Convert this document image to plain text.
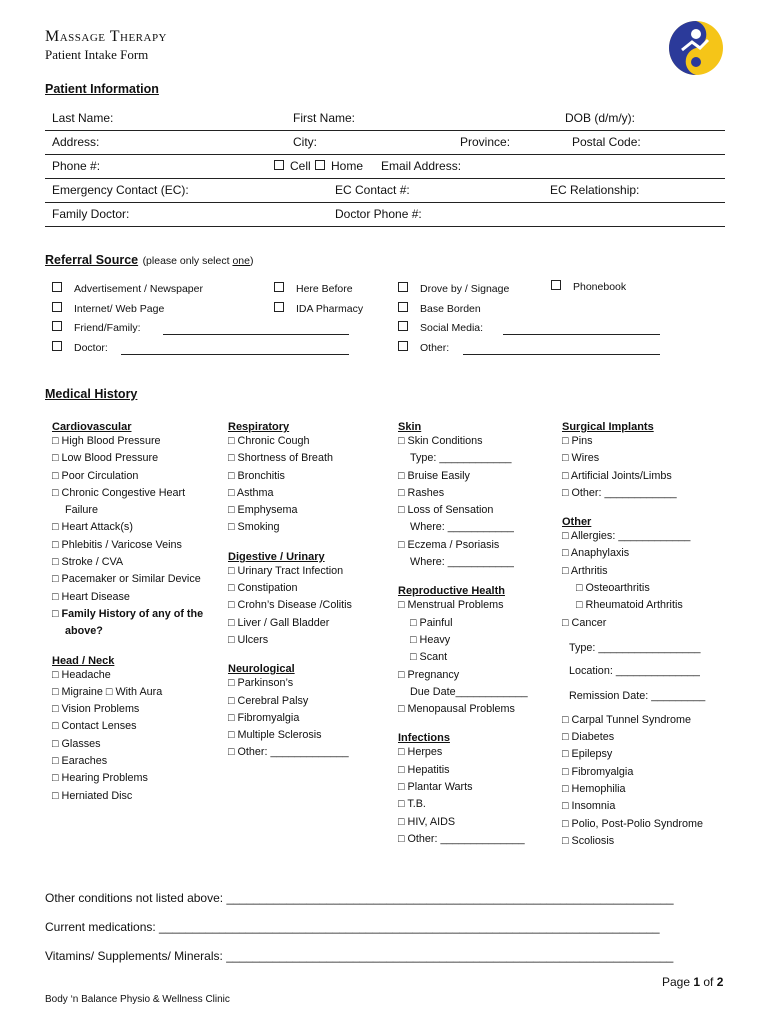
Massage Therapy
Patient Intake Form
Patient Information
Last Name:	First Name:	DOB (d/m/y):
Address:	City:	Province:	Postal Code:
Phone #:	Cell	Home Email Address:
Emergency Contact (EC):	EC Contact #:	EC Relationship:
Family Doctor:	Doctor Phone #:
Referral Source (please only select one)
Advertisement / Newspaper
Internet/ Web Page
Friend/Family:
Doctor:
Here Before
IDA Pharmacy
Drove by / Signage
Base Borden
Social Media:
Other:
Phonebook
Medical History
Cardiovascular
□ High Blood Pressure
□ Low Blood Pressure
□ Poor Circulation
□ Chronic Congestive Heart
Failure
□ Heart Attack(s)
□ Phlebitis / Varicose Veins
□ Stroke / CVA
□ Pacemaker or Similar Device
□ Heart Disease
□ Family History of any of the
above?
Head / Neck
□ Headache
□ Migraine □ With Aura
□ Vision Problems
□ Contact Lenses
□ Glasses
□ Earaches
□ Hearing Problems
□ Herniated Disc
Respiratory
□ Chronic Cough
□ Shortness of Breath
□ Bronchitis
□ Asthma
□ Emphysema
□ Smoking
Digestive / Urinary
□ Urinary Tract Infection
□ Constipation
□ Crohn’s Disease /Colitis
□ Liver / Gall Bladder
□ Ulcers
Neurological
□ Parkinson’s
□ Cerebral Palsy
□ Fibromyalgia
□ Multiple Sclerosis
□ Other: _____________
Skin
□ Skin Conditions
Type: ____________
□ Bruise Easily
□ Rashes
□ Loss of Sensation
Where: ___________
□ Eczema / Psoriasis
Where: ___________
Reproductive Health
□ Menstrual Problems
□ Painful
□ Heavy
□ Scant
□ Pregnancy
Due Date____________
□ Menopausal Problems
Infections
□ Herpes
□ Hepatitis
□ Plantar Warts
□ T.B.
□ HIV, AIDS
□ Other: ______________
Surgical Implants
□ Pins
□ Wires
□ Artificial Joints/Limbs
□ Other: ____________
Other
□ Allergies: ____________
□ Anaphylaxis
□ Arthritis
□ Osteoarthritis
□ Rheumatoid Arthritis
□ Cancer
Type: _________________
Location: ______________
Remission Date: _________
□ Carpal Tunnel Syndrome
□ Diabetes
□ Epilepsy
□ Fibromyalgia
□ Hemophilia
□ Insomnia
□ Polio, Post-Polio Syndrome
□ Scoliosis
Other conditions not listed above: ___________________________________________________________________
Current medications: ___________________________________________________________________________
Vitamins/ Supplements/ Minerals: ___________________________________________________________________
Page 1 of 2
Body ‘n Balance Physio & Wellness Clinic
